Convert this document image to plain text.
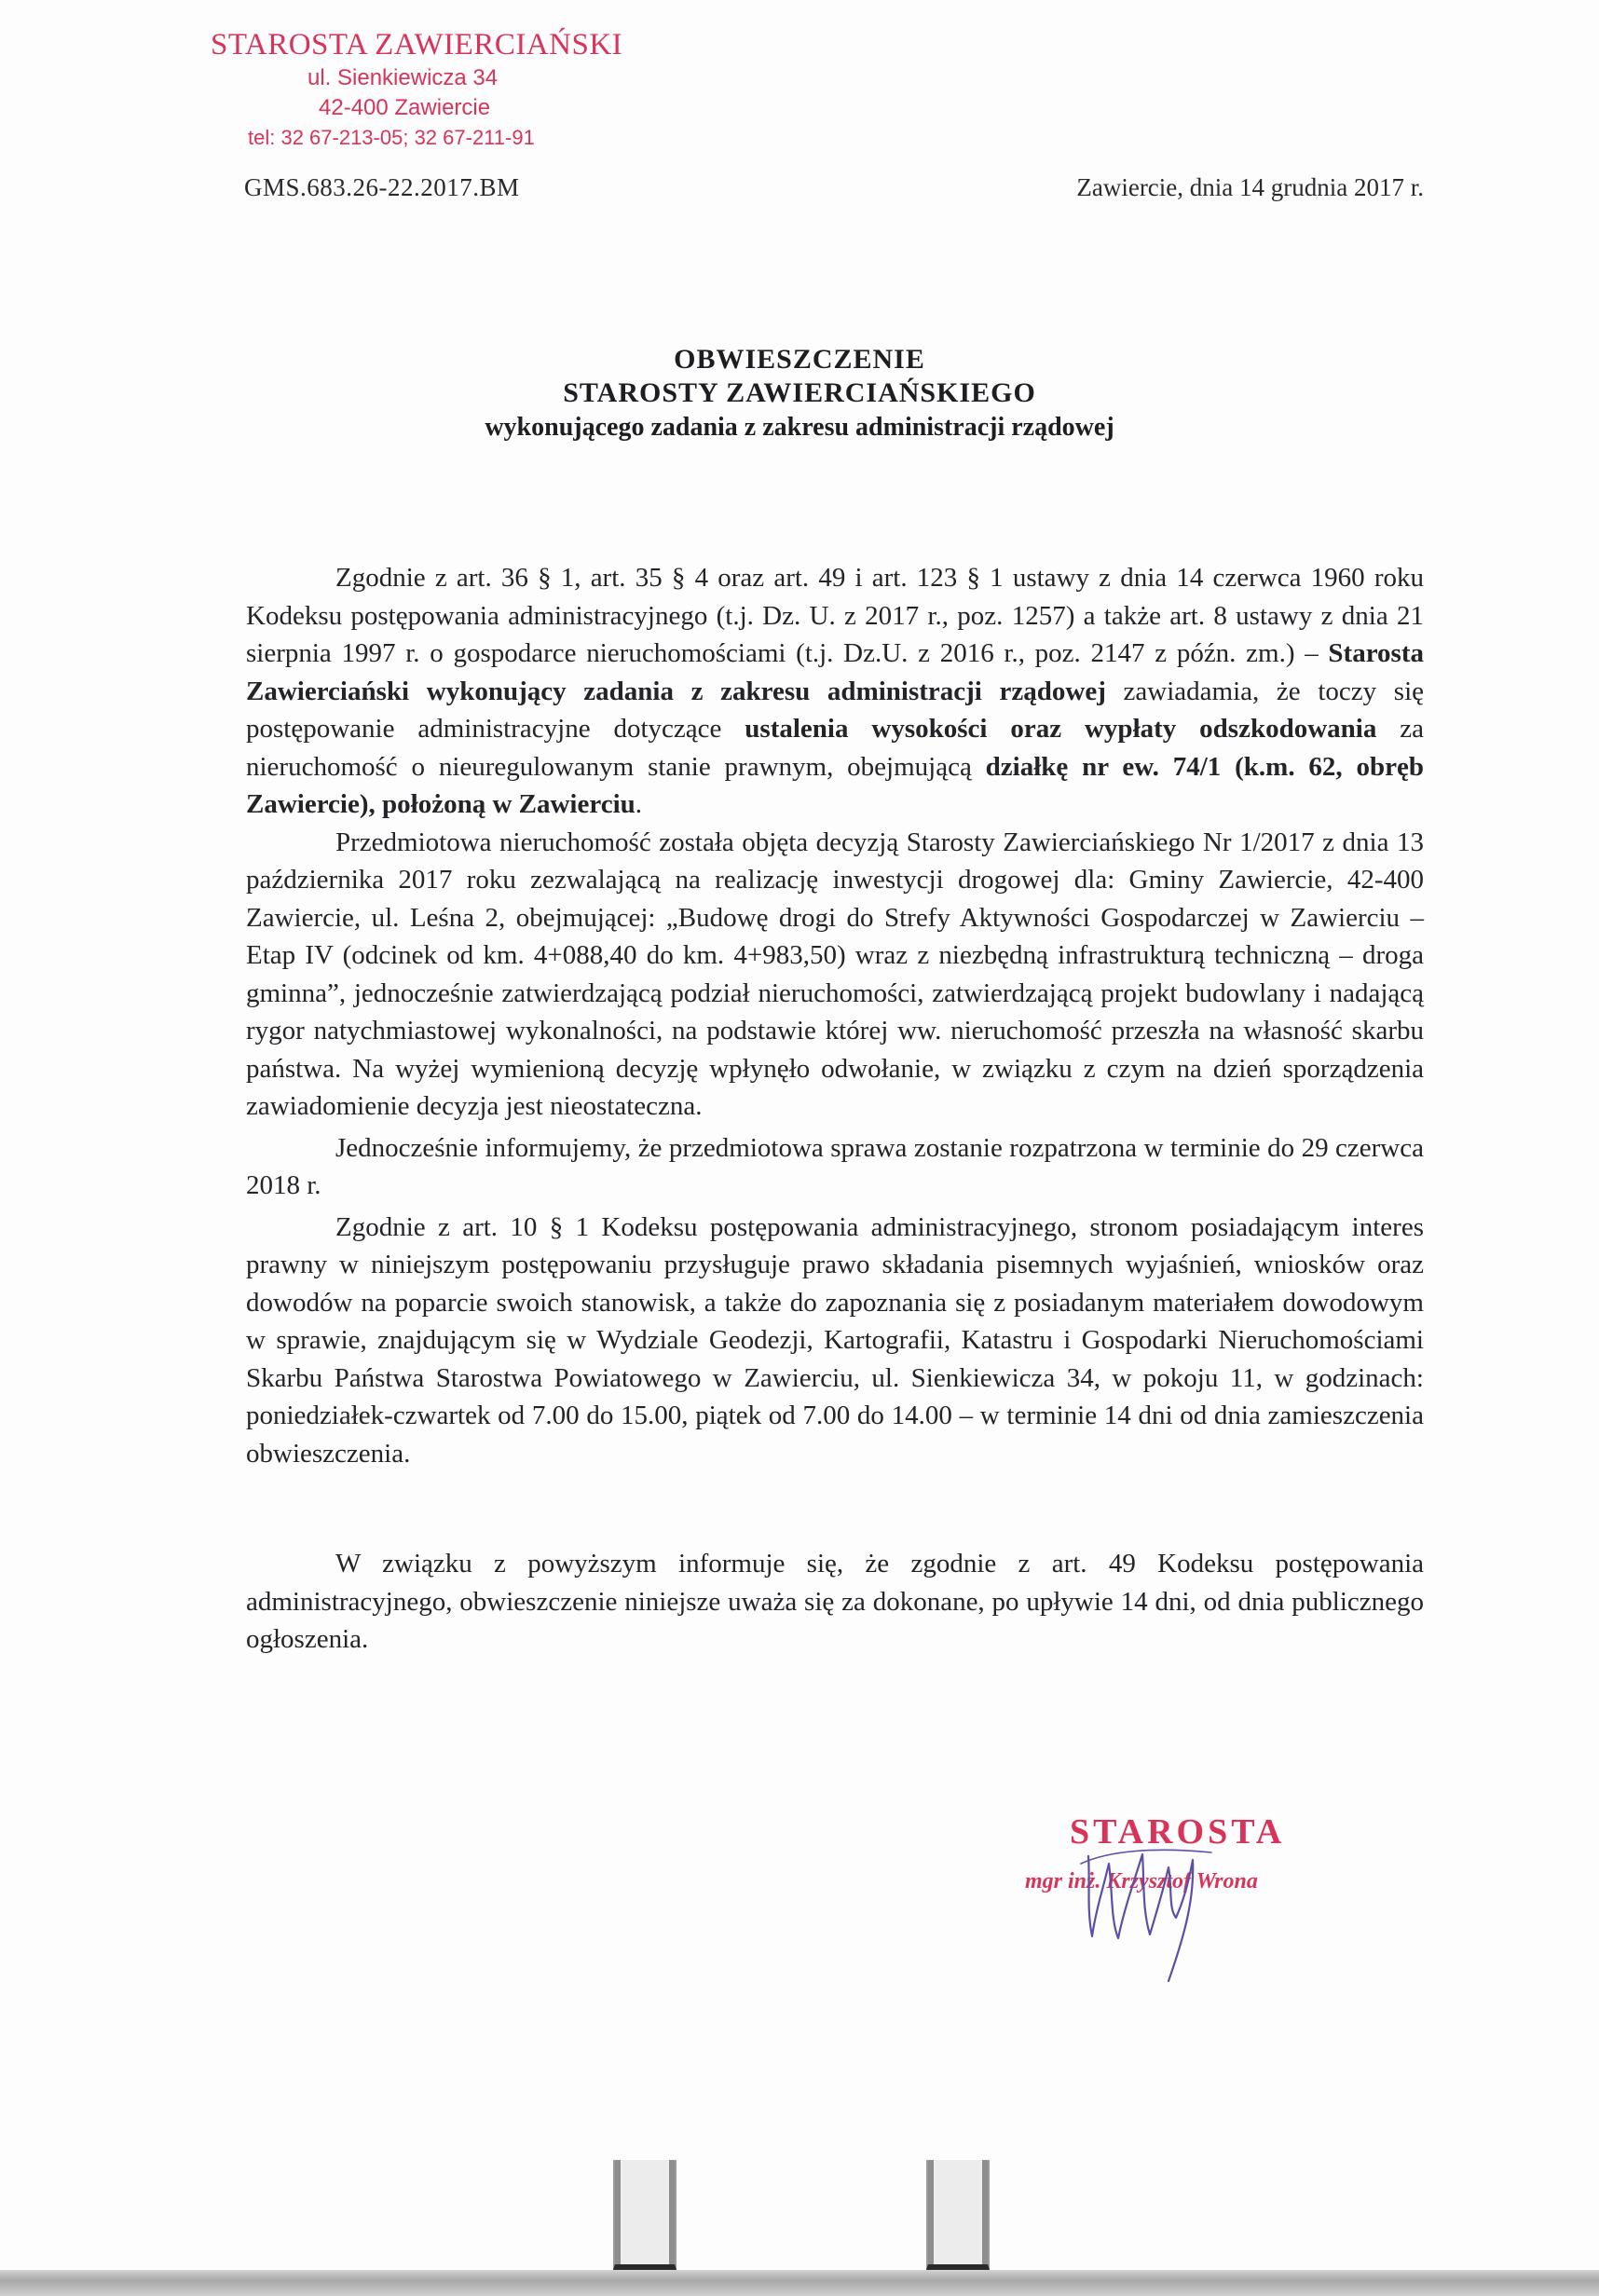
STAROSTA ZAWIERCIAŃSKI
ul. Sienkiewicza 34
42-400 Zawiercie
tel: 32 67-213-05; 32 67-211-91
GMS.683.26-22.2017.BM	Zawiercie, dnia 14 grudnia 2017 r.
OBWIESZCZENIE
STAROSTY ZAWIERCIAŃSKIEGO
wykonującego zadania z zakresu administracji rządowej

Zgodnie z art. 36 § 1, art. 35 § 4 oraz art. 49 i art. 123 § 1 ustawy z dnia 14 czerwca 1960 roku Kodeksu postępowania administracyjnego (t.j. Dz. U. z 2017 r., poz. 1257) a także art. 8 ustawy z dnia 21 sierpnia 1997 r. o gospodarce nieruchomościami (t.j. Dz.U. z 2016 r., poz. 2147 z późn. zm.) – Starosta Zawierciański wykonujący zadania z zakresu administracji rządowej zawiadamia, że toczy się postępowanie administracyjne dotyczące ustalenia wysokości oraz wypłaty odszkodowania za nieruchomość o nieuregulowanym stanie prawnym, obejmującą działkę nr ew. 74/1 (k.m. 62, obręb Zawiercie), położoną w Zawierciu.

Przedmiotowa nieruchomość została objęta decyzją Starosty Zawierciańskiego Nr 1/2017 z dnia 13 października 2017 roku zezwalającą na realizację inwestycji drogowej dla: Gminy Zawiercie, 42-400 Zawiercie, ul. Leśna 2, obejmującej: „Budowę drogi do Strefy Aktywności Gospodarczej w Zawierciu – Etap IV (odcinek od km. 4+088,40 do km. 4+983,50) wraz z niezbędną infrastrukturą techniczną – droga gminna”, jednocześnie zatwierdzającą podział nieruchomości, zatwierdzającą projekt budowlany i nadającą rygor natychmiastowej wykonalności, na podstawie której ww. nieruchomość przeszła na własność skarbu państwa. Na wyżej wymienioną decyzję wpłynęło odwołanie, w związku z czym na dzień sporządzenia zawiadomienie decyzja jest nieostateczna.

Jednocześnie informujemy, że przedmiotowa sprawa zostanie rozpatrzona w terminie do 29 czerwca 2018 r.

Zgodnie z art. 10 § 1 Kodeksu postępowania administracyjnego, stronom posiadającym interes prawny w niniejszym postępowaniu przysługuje prawo składania pisemnych wyjaśnień, wniosków oraz dowodów na poparcie swoich stanowisk, a także do zapoznania się z posiadanym materiałem dowodowym w sprawie, znajdującym się w Wydziale Geodezji, Kartografii, Katastru i Gospodarki Nieruchomościami Skarbu Państwa Starostwa Powiatowego w Zawierciu, ul. Sienkiewicza 34, w pokoju 11, w godzinach: poniedziałek-czwartek od 7.00 do 15.00, piątek od 7.00 do 14.00 – w terminie 14 dni od dnia zamieszczenia obwieszczenia.

W związku z powyższym informuje się, że zgodnie z art. 49 Kodeksu postępowania administracyjnego, obwieszczenie niniejsze uważa się za dokonane, po upływie 14 dni, od dnia publicznego ogłoszenia.

STAROSTA
mgr inż. Krzysztof Wrona
